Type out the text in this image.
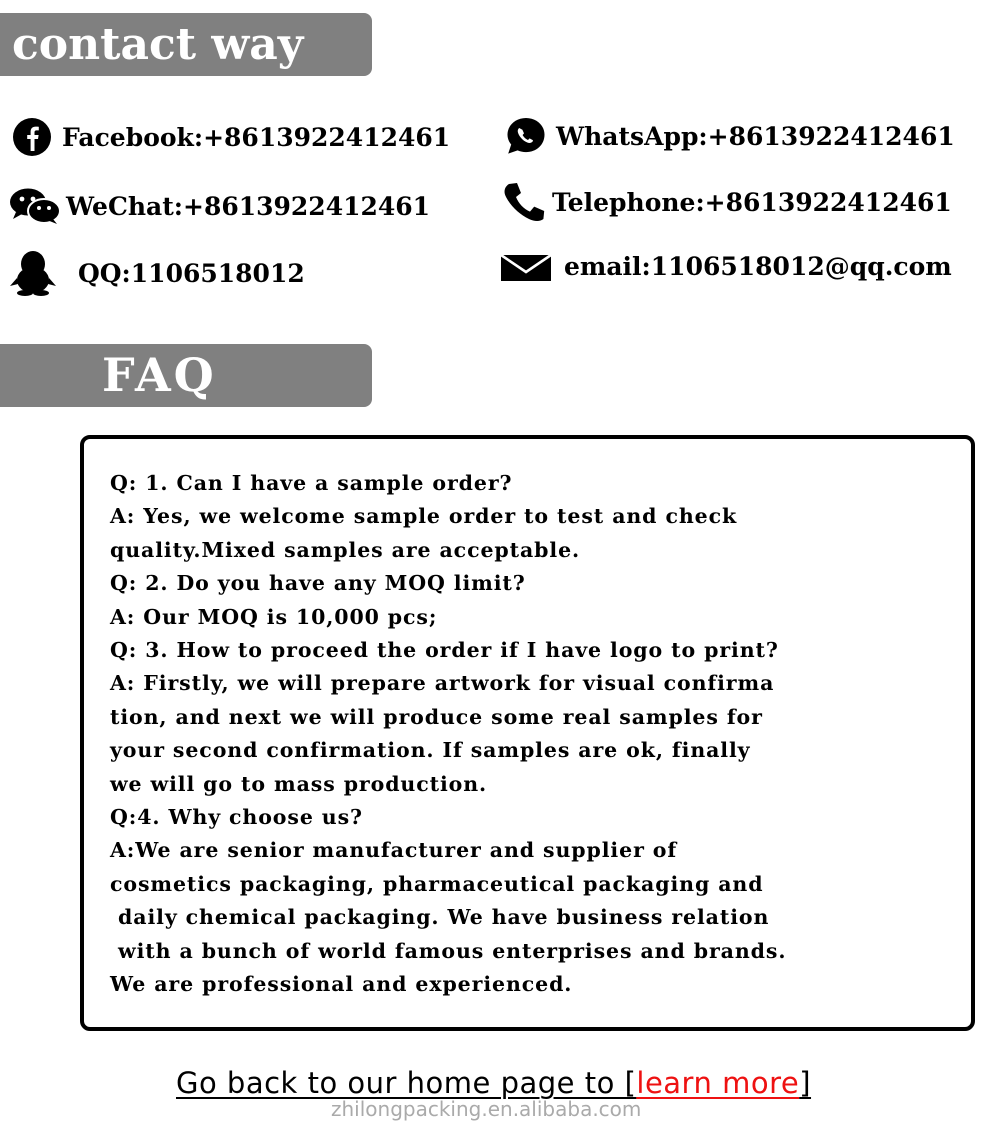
contact way
Facebook:+8613922412461	WhatsApp:+8613922412461
WeChat:+8613922412461	Telephone:+8613922412461
QQ:1106518012	email:1106518012@qq.com
FAQ
Q: 1. Can I have a sample order?
A: Yes, we welcome sample order to test and check
quality.Mixed samples are acceptable.
Q: 2. Do you have any MOQ limit?
A: Our MOQ is 10,000 pcs;
Q: 3. How to proceed the order if I have logo to print?
A: Firstly, we will prepare artwork for visual confirma
tion, and next we will produce some real samples for
your second confirmation. If samples are ok, finally
we will go to mass production.
Q:4. Why choose us?
A:We are senior manufacturer and supplier of
cosmetics packaging, pharmaceutical packaging and
daily chemical packaging. We have business relation
with a bunch of world famous enterprises and brands.
We are professional and experienced.
Go back to our home page to [learn more]
zhilongpacking.en.alibaba.com
